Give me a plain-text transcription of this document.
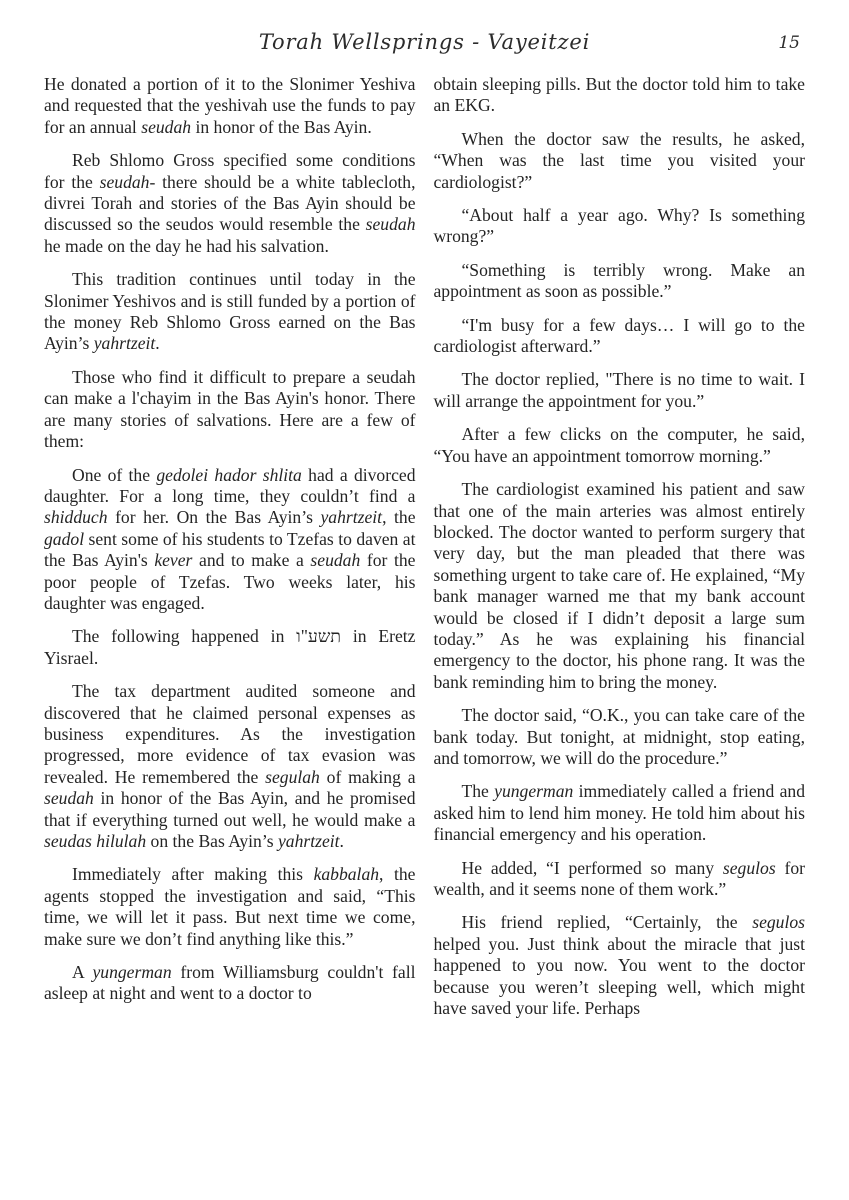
Torah Wellsprings - Vayeitzei	15

He donated a portion of it to the Slonimer Yeshiva and requested that the yeshivah use the funds to pay for an annual seudah in honor of the Bas Ayin.

Reb Shlomo Gross specified some conditions for the seudah- there should be a white tablecloth, divrei Torah and stories of the Bas Ayin should be discussed so the seudos would resemble the seudah he made on the day he had his salvation.

This tradition continues until today in the Slonimer Yeshivos and is still funded by a portion of the money Reb Shlomo Gross earned on the Bas Ayin’s yahrtzeit.

Those who find it difficult to prepare a seudah can make a l'chayim in the Bas Ayin's honor. There are many stories of salvations. Here are a few of them:

One of the gedolei hador shlita had a divorced daughter. For a long time, they couldn’t find a shidduch for her. On the Bas Ayin’s yahrtzeit, the gadol sent some of his students to Tzefas to daven at the Bas Ayin's kever and to make a seudah for the poor people of Tzefas. Two weeks later, his daughter was engaged.

The following happened in תשע"ו in Eretz Yisrael.

The tax department audited someone and discovered that he claimed personal expenses as business expenditures. As the investigation progressed, more evidence of tax evasion was revealed. He remembered the segulah of making a seudah in honor of the Bas Ayin, and he promised that if everything turned out well, he would make a seudas hilulah on the Bas Ayin’s yahrtzeit.

Immediately after making this kabbalah, the agents stopped the investigation and said, “This time, we will let it pass. But next time we come, make sure we don’t find anything like this.”

A yungerman from Williamsburg couldn't fall asleep at night and went to a doctor to

obtain sleeping pills. But the doctor told him to take an EKG.

When the doctor saw the results, he asked, “When was the last time you visited your cardiologist?”

“About half a year ago. Why? Is something wrong?”

“Something is terribly wrong. Make an appointment as soon as possible.”

“I'm busy for a few days… I will go to the cardiologist afterward.”

The doctor replied, "There is no time to wait. I will arrange the appointment for you.”

After a few clicks on the computer, he said, “You have an appointment tomorrow morning.”

The cardiologist examined his patient and saw that one of the main arteries was almost entirely blocked. The doctor wanted to perform surgery that very day, but the man pleaded that there was something urgent to take care of. He explained, “My bank manager warned me that my bank account would be closed if I didn’t deposit a large sum today.” As he was explaining his financial emergency to the doctor, his phone rang. It was the bank reminding him to bring the money.

The doctor said, “O.K., you can take care of the bank today. But tonight, at midnight, stop eating, and tomorrow, we will do the procedure.”

The yungerman immediately called a friend and asked him to lend him money. He told him about his financial emergency and his operation.

He added, “I performed so many segulos for wealth, and it seems none of them work.”

His friend replied, “Certainly, the segulos helped you. Just think about the miracle that just happened to you now. You went to the doctor because you weren’t sleeping well, which might have saved your life. Perhaps
